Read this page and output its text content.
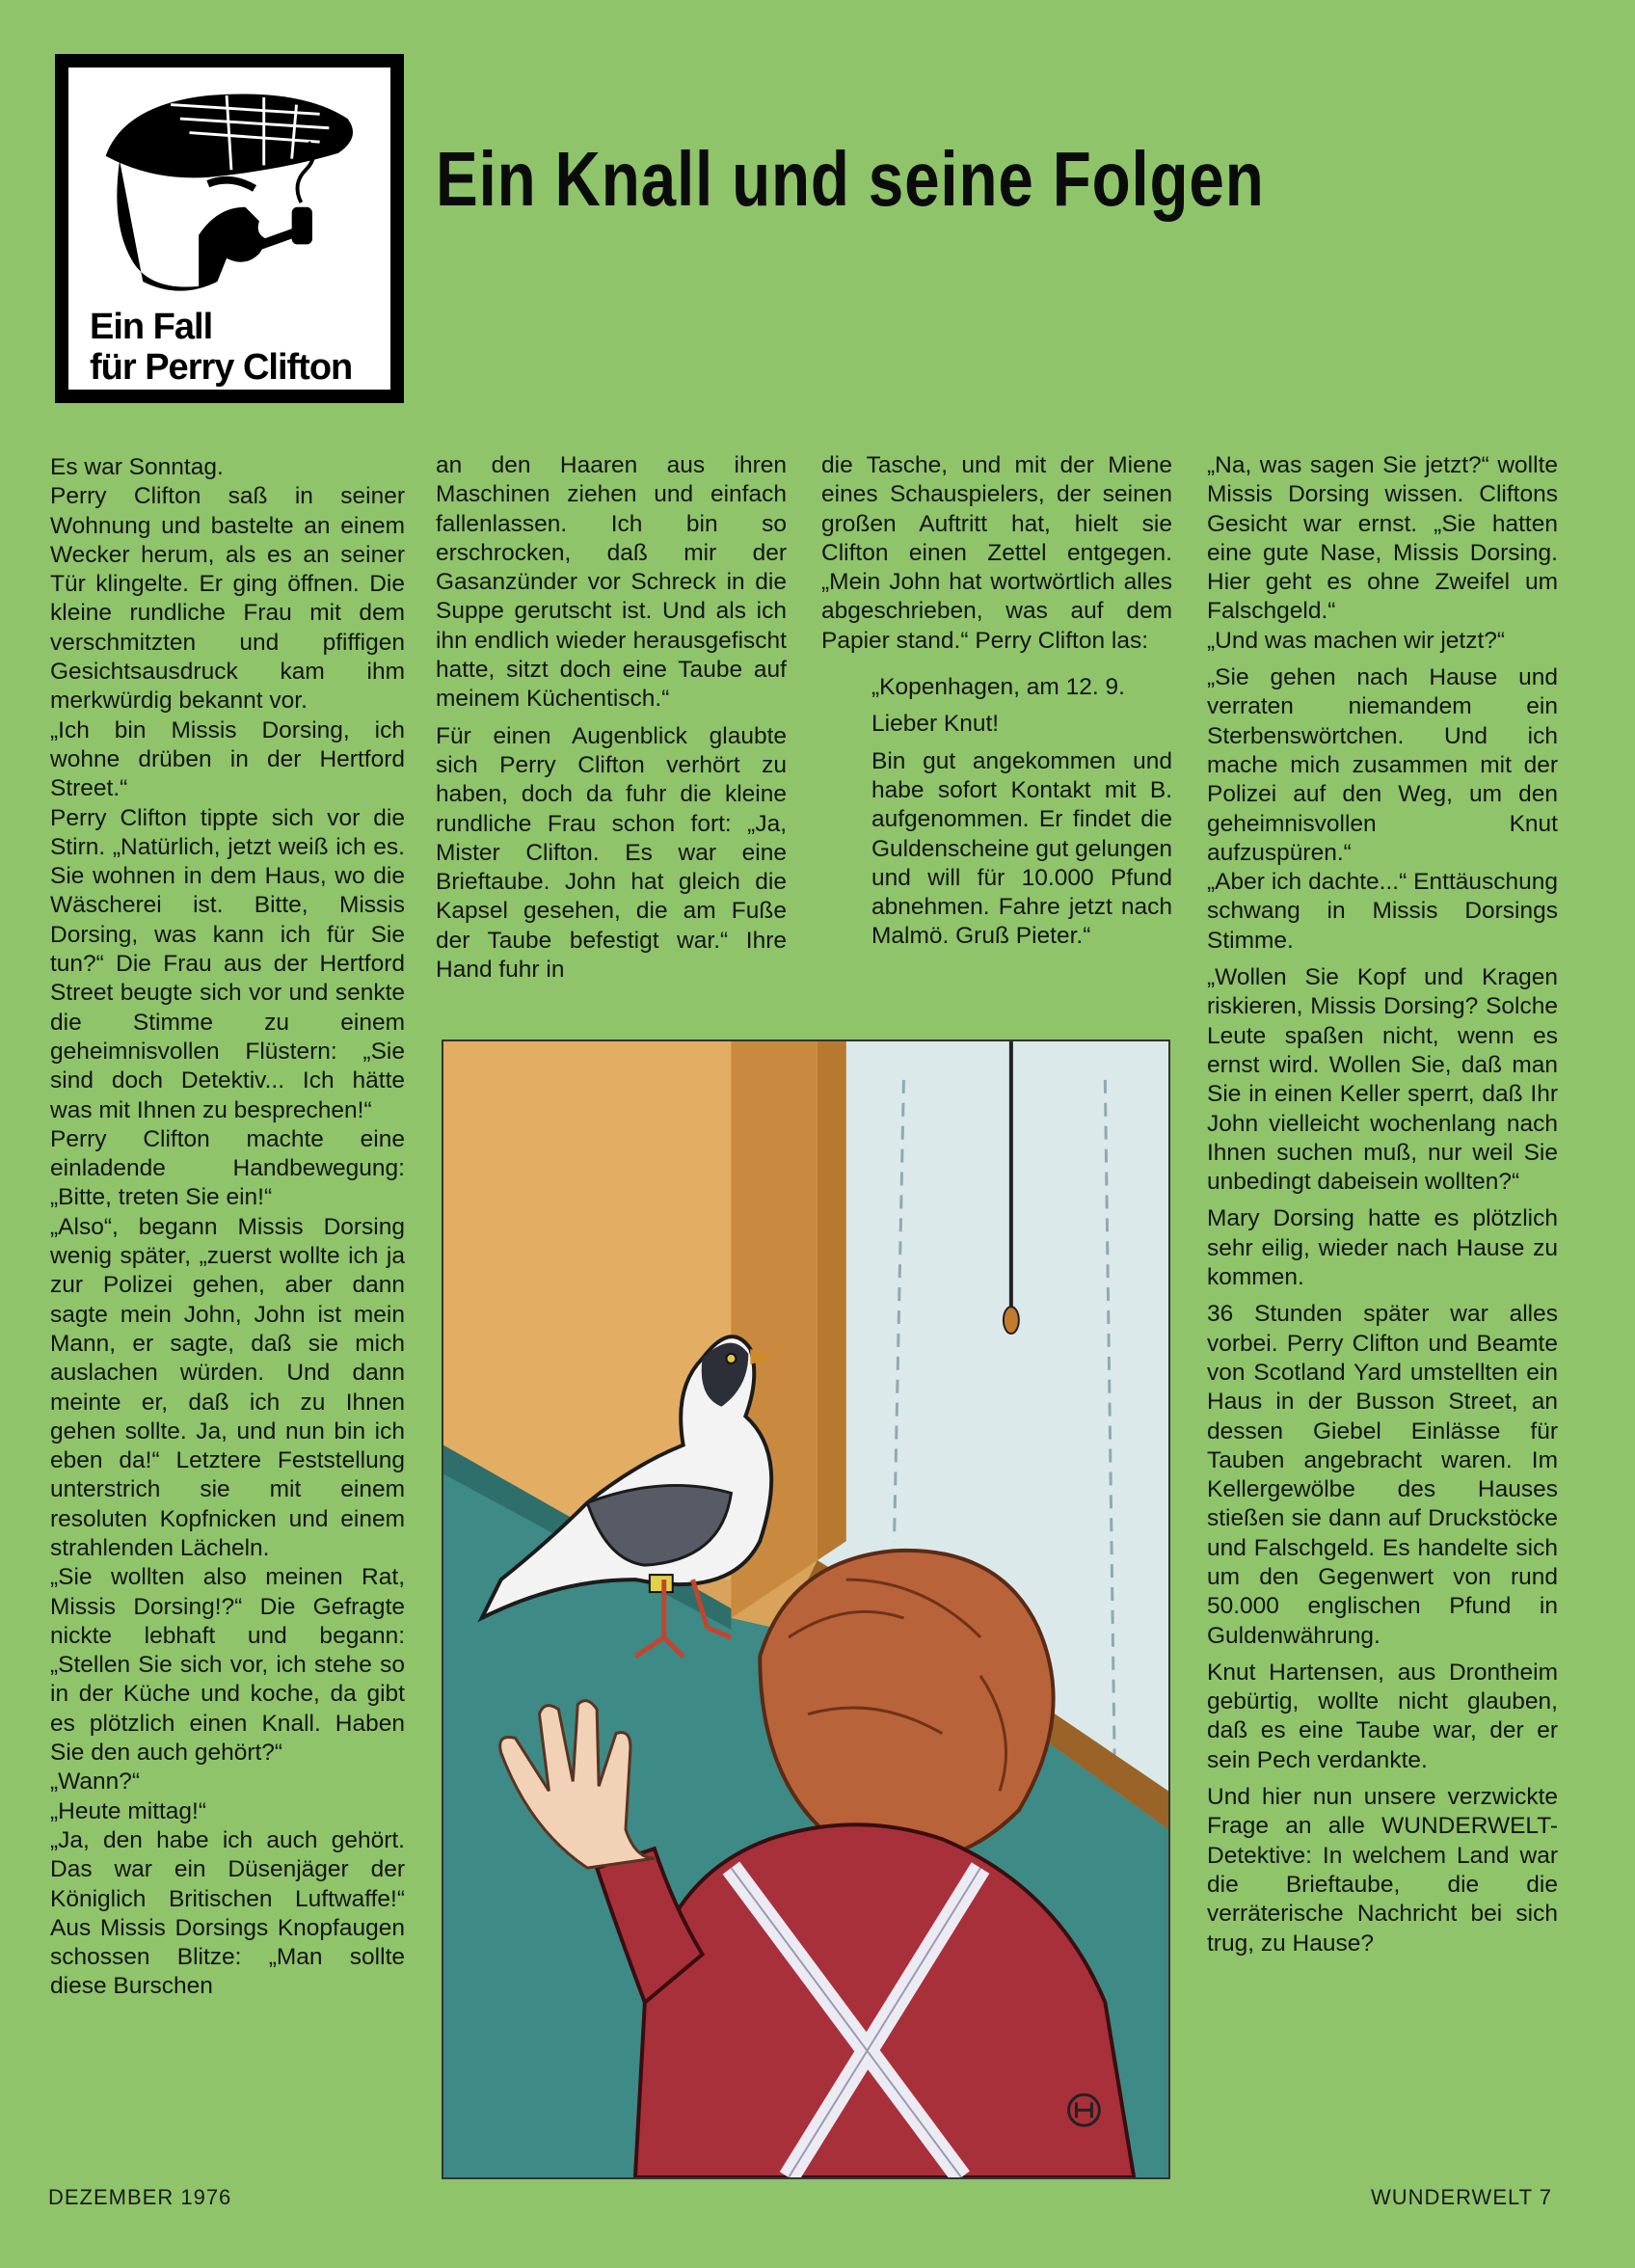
Ein Fall
für Perry Clifton
Ein Knall und seine Folgen

Es war Sonntag.

Perry Clifton saß in seiner Wohnung und bastelte an einem Wecker herum, als es an seiner Tür klingelte. Er ging öffnen. Die kleine rundliche Frau mit dem verschmitzten und pfiffigen Gesichtsausdruck kam ihm merkwürdig bekannt vor.

„Ich bin Missis Dorsing, ich wohne drüben in der Hertford Street.“

Perry Clifton tippte sich vor die Stirn. „Natürlich, jetzt weiß ich es. Sie wohnen in dem Haus, wo die Wäscherei ist. Bitte, Missis Dorsing, was kann ich für Sie tun?“ Die Frau aus der Hertford Street beugte sich vor und senkte die Stimme zu einem geheimnisvollen Flüstern: „Sie sind doch Detektiv... Ich hätte was mit Ihnen zu besprechen!“

Perry Clifton machte eine einladende Handbewegung: „Bitte, treten Sie ein!“

„Also“, begann Missis Dorsing wenig später, „zuerst wollte ich ja zur Polizei gehen, aber dann sagte mein John, John ist mein Mann, er sagte, daß sie mich auslachen würden. Und dann meinte er, daß ich zu Ihnen gehen sollte. Ja, und nun bin ich eben da!“ Letztere Feststellung unterstrich sie mit einem resoluten Kopfnicken und einem strahlenden Lächeln.

„Sie wollten also meinen Rat, Missis Dorsing!?“ Die Gefragte nickte lebhaft und begann: „Stellen Sie sich vor, ich stehe so in der Küche und koche, da gibt es plötzlich einen Knall. Haben Sie den auch gehört?“

„Wann?“

„Heute mittag!“

„Ja, den habe ich auch gehört. Das war ein Düsenjäger der Königlich Britischen Luftwaffe!“ Aus Missis Dorsings Knopfaugen schossen Blitze: „Man sollte diese Burschen

an den Haaren aus ihren Maschinen ziehen und einfach fallenlassen. Ich bin so erschrocken, daß mir der Gasanzünder vor Schreck in die Suppe gerutscht ist. Und als ich ihn endlich wieder herausgefischt hatte, sitzt doch eine Taube auf meinem Küchentisch.“

Für einen Augenblick glaubte sich Perry Clifton verhört zu haben, doch da fuhr die kleine rundliche Frau schon fort: „Ja, Mister Clifton. Es war eine Brieftaube. John hat gleich die Kapsel gesehen, die am Fuße der Taube befestigt war.“ Ihre Hand fuhr in

die Tasche, und mit der Miene eines Schauspielers, der seinen großen Auftritt hat, hielt sie Clifton einen Zettel entgegen. „Mein John hat wortwörtlich alles abgeschrieben, was auf dem Papier stand.“ Perry Clifton las:

„Kopenhagen, am 12. 9.

Lieber Knut!

Bin gut angekommen und habe sofort Kontakt mit B. aufgenommen. Er findet die Guldenscheine gut gelungen und will für 10.000 Pfund abnehmen. Fahre jetzt nach Malmö. Gruß Pieter.“

„Na, was sagen Sie jetzt?“ wollte Missis Dorsing wissen. Cliftons Gesicht war ernst. „Sie hatten eine gute Nase, Missis Dorsing. Hier geht es ohne Zweifel um Falschgeld.“

„Und was machen wir jetzt?“

„Sie gehen nach Hause und verraten niemandem ein Sterbenswörtchen. Und ich mache mich zusammen mit der Polizei auf den Weg, um den geheimnisvollen Knut aufzuspüren.“

„Aber ich dachte...“ Enttäuschung schwang in Missis Dorsings Stimme.

„Wollen Sie Kopf und Kragen riskieren, Missis Dorsing? Solche Leute spaßen nicht, wenn es ernst wird. Wollen Sie, daß man Sie in einen Keller sperrt, daß Ihr John vielleicht wochenlang nach Ihnen suchen muß, nur weil Sie unbedingt dabeisein wollten?“

Mary Dorsing hatte es plötzlich sehr eilig, wieder nach Hause zu kommen.

36 Stunden später war alles vorbei. Perry Clifton und Beamte von Scotland Yard umstellten ein Haus in der Busson Street, an dessen Giebel Einlässe für Tauben angebracht waren. Im Kellergewölbe des Hauses stießen sie dann auf Druckstöcke und Falschgeld. Es handelte sich um den Gegenwert von rund 50.000 englischen Pfund in Guldenwährung.

Knut Hartensen, aus Drontheim gebürtig, wollte nicht glauben, daß es eine Taube war, der er sein Pech verdankte.

Und hier nun unsere verzwickte Frage an alle WUNDERWELT-Detektive: In welchem Land war die Brieftaube, die die verräterische Nachricht bei sich trug, zu Hause?

DEZEMBER 1976	WUNDERWELT 7
